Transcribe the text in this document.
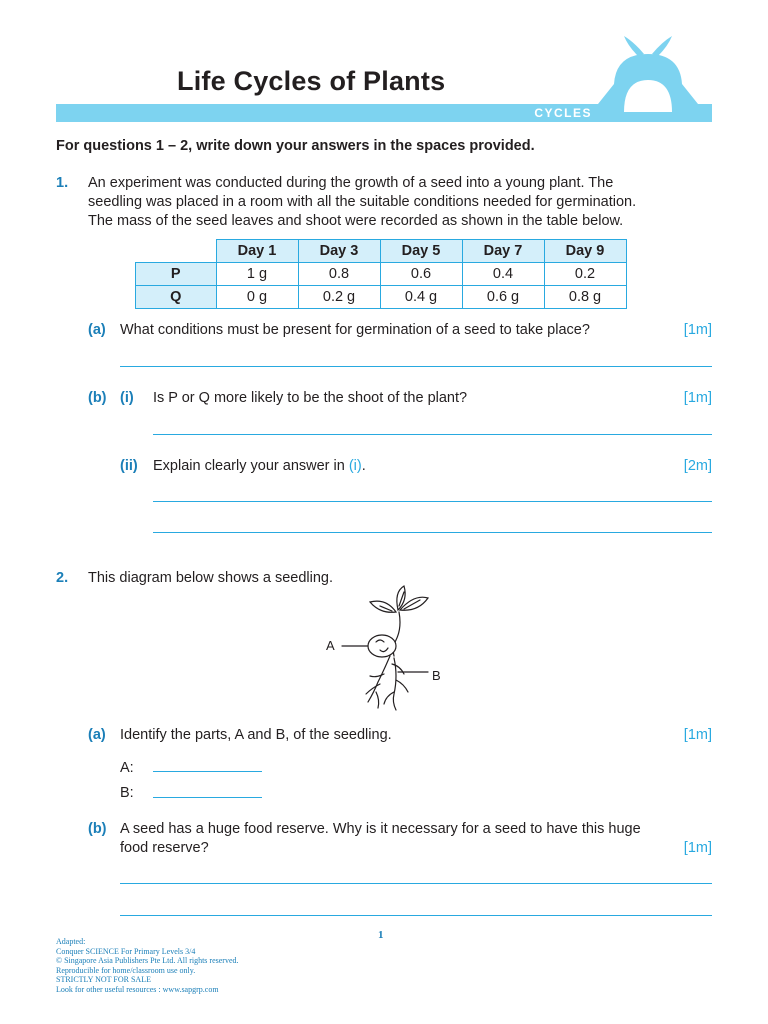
Life Cycles of Plants
CYCLES
For questions 1 – 2, write down your answers in the spaces provided.
1. An experiment was conducted during the growth of a seed into a young plant. The
seedling was placed in a room with all the suitable conditions needed for germination.
The mass of the seed leaves and shoot were recorded as shown in the table below.
	Day 1	Day 3	Day 5	Day 7	Day 9
P	1 g	0.8	0.6	0.4	0.2
Q	0 g	0.2 g	0.4 g	0.6 g	0.8 g
(a) What conditions must be present for germination of a seed to take place?	[1m]
(b) (i) Is P or Q more likely to be the shoot of the plant?	[1m]
(ii) Explain clearly your answer in (i).	[2m]
2. This diagram below shows a seedling.
A
B
(a) Identify the parts, A and B, of the seedling.	[1m]
A:
B:
(b) A seed has a huge food reserve. Why is it necessary for a seed to have this huge
food reserve?	[1m]
1
Adapted:
Conquer SCIENCE For Primary Levels 3/4
© Singapore Asia Publishers Pte Ltd. All rights reserved.
Reproducible for home/classroom use only.
STRICTLY NOT FOR SALE
Look for other useful resources : www.sapgrp.com
